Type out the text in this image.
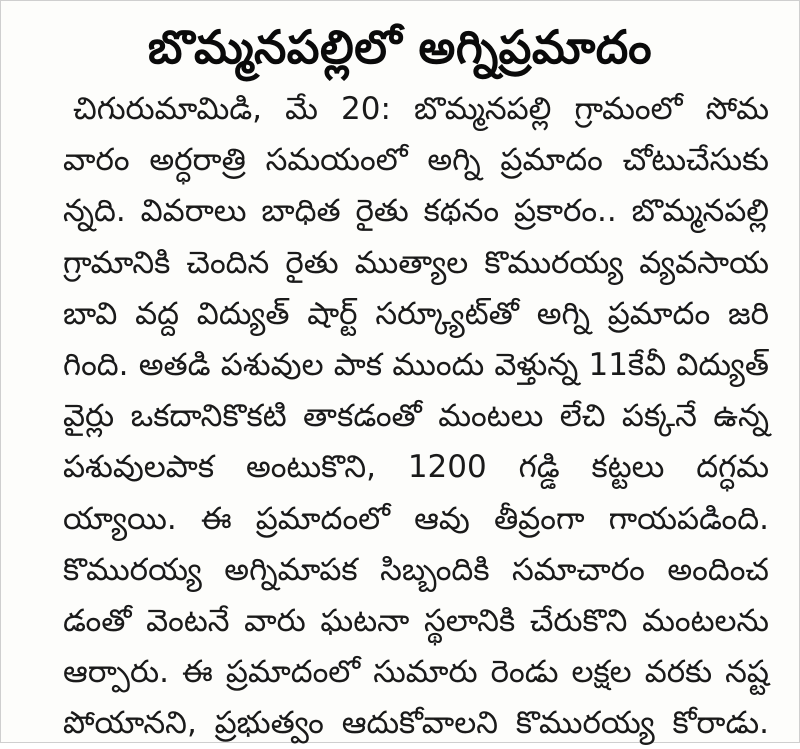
బొమ్మనపల్లిలో అగ్నిప్రమాదం
చిగురుమామిడి, మే 20: బొమ్మనపల్లి గ్రామంలో సోమ
వారం అర్ధరాత్రి సమయంలో అగ్ని ప్రమాదం చోటుచేసుకు
న్నది. వివరాలు బాధిత రైతు కథనం ప్రకారం.. బొమ్మనపల్లి
గ్రామానికి చెందిన రైతు ముత్యాల కొమురయ్య వ్యవసాయ
బావి వద్ద విద్యుత్ షార్ట్ సర్క్యూట్‌తో అగ్ని ప్రమాదం జరి
గింది. అతడి పశువుల పాక ముందు వెళ్తున్న 11కేవీ విద్యుత్
వైర్లు ఒకదానికొకటి తాకడంతో మంటలు లేచి పక్కనే ఉన్న
పశువులపాక అంటుకొని, 1200 గడ్డి కట్టలు దగ్ధమ
య్యాయి. ఈ ప్రమాదంలో ఆవు తీవ్రంగా గాయపడింది.
కొమురయ్య అగ్నిమాపక సిబ్బందికి సమాచారం అందించ
డంతో వెంటనే వారు ఘటనా స్థలానికి చేరుకొని మంటలను
ఆర్పారు. ఈ ప్రమాదంలో సుమారు రెండు లక్షల వరకు నష్ట
పోయానని, ప్రభుత్వం ఆదుకోవాలని కొమురయ్య కోరాడు.
